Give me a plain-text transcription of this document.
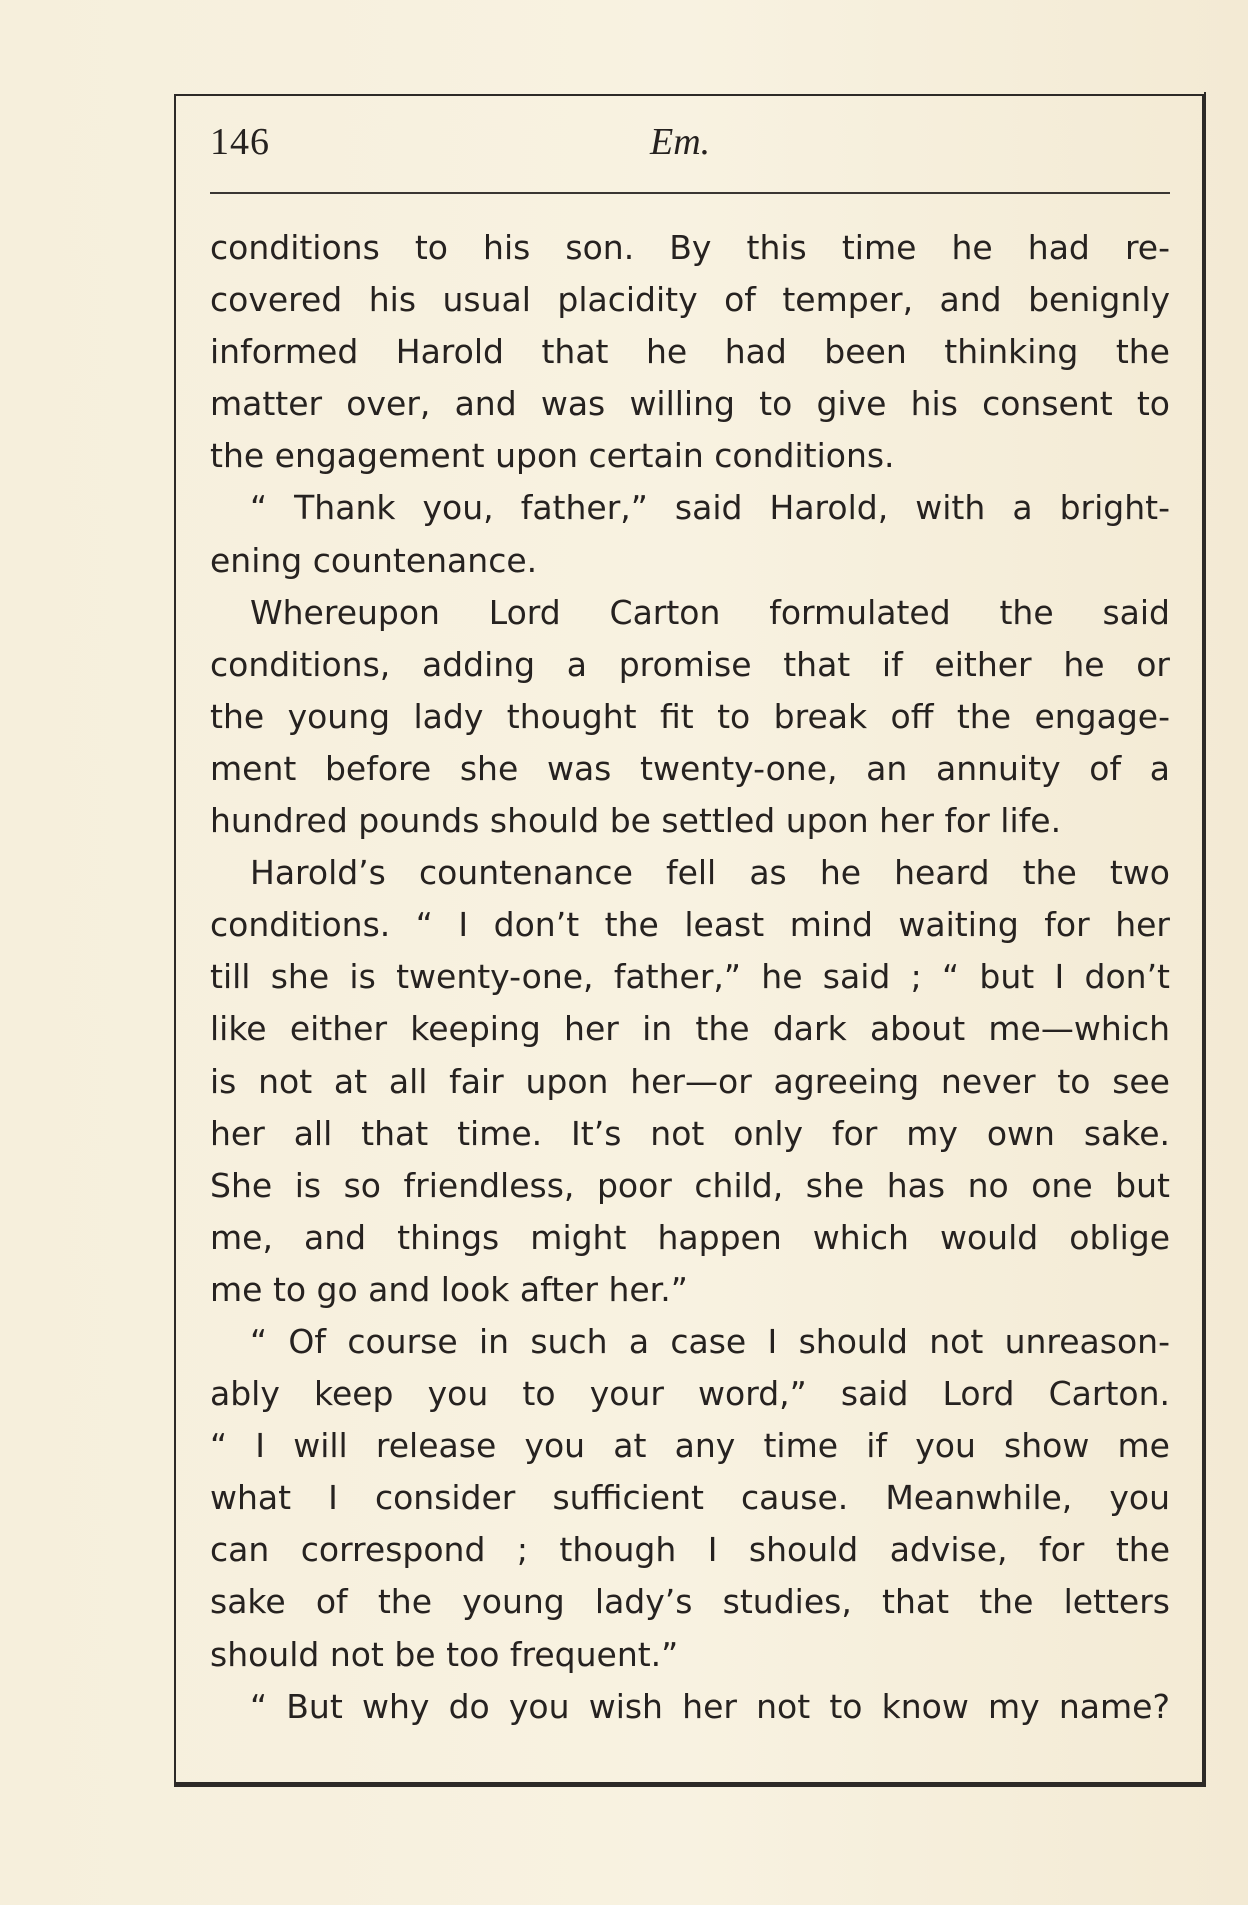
146	Em.
conditions to his son. By this time he had re-
covered his usual placidity of temper, and benignly
informed Harold that he had been thinking the
matter over, and was willing to give his consent to
the engagement upon certain conditions.
“ Thank you, father,” said Harold, with a bright-
ening countenance.
Whereupon Lord Carton formulated the said
conditions, adding a promise that if either he or
the young lady thought fit to break off the engage-
ment before she was twenty-one, an annuity of a
hundred pounds should be settled upon her for life.
Harold’s countenance fell as he heard the two
conditions. “ I don’t the least mind waiting for her
till she is twenty-one, father,” he said ; “ but I don’t
like either keeping her in the dark about me—which
is not at all fair upon her—or agreeing never to see
her all that time. It’s not only for my own sake.
She is so friendless, poor child, she has no one but
me, and things might happen which would oblige
me to go and look after her.”
“ Of course in such a case I should not unreason-
ably keep you to your word,” said Lord Carton.
“ I will release you at any time if you show me
what I consider sufficient cause. Meanwhile, you
can correspond ; though I should advise, for the
sake of the young lady’s studies, that the letters
should not be too frequent.”
“ But why do you wish her not to know my name?
